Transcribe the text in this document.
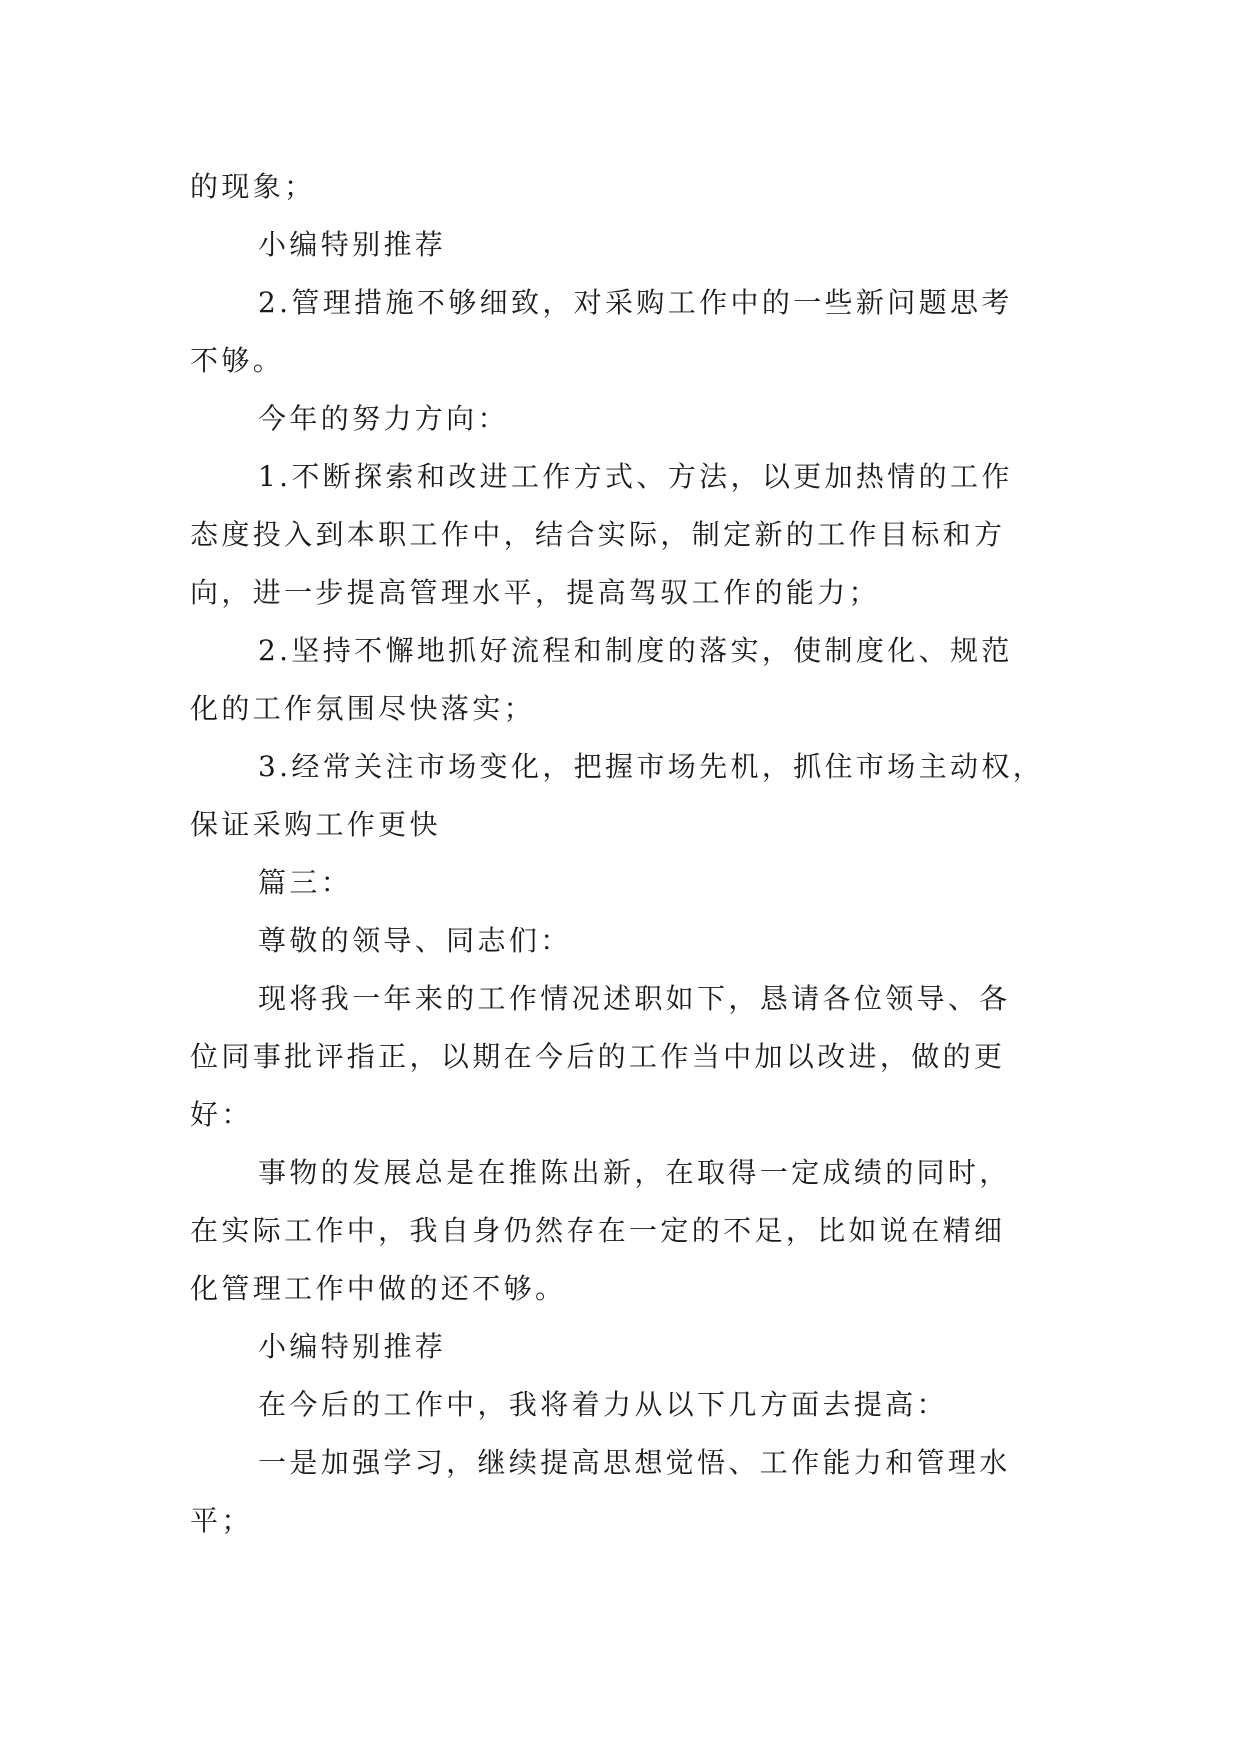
的现象；
小编特别推荐
2.管理措施不够细致，对采购工作中的一些新问题思考
不够。
今年的努力方向：
1.不断探索和改进工作方式、方法，以更加热情的工作
态度投入到本职工作中，结合实际，制定新的工作目标和方
向，进一步提高管理水平，提高驾驭工作的能力；
2.坚持不懈地抓好流程和制度的落实，使制度化、规范
化的工作氛围尽快落实；
3.经常关注市场变化，把握市场先机，抓住市场主动权，
保证采购工作更快
篇三：
尊敬的领导、同志们：
现将我一年来的工作情况述职如下，恳请各位领导、各
位同事批评指正，以期在今后的工作当中加以改进，做的更
好：
事物的发展总是在推陈出新，在取得一定成绩的同时，
在实际工作中，我自身仍然存在一定的不足，比如说在精细
化管理工作中做的还不够。
小编特别推荐
在今后的工作中，我将着力从以下几方面去提高：
一是加强学习，继续提高思想觉悟、工作能力和管理水
平；
